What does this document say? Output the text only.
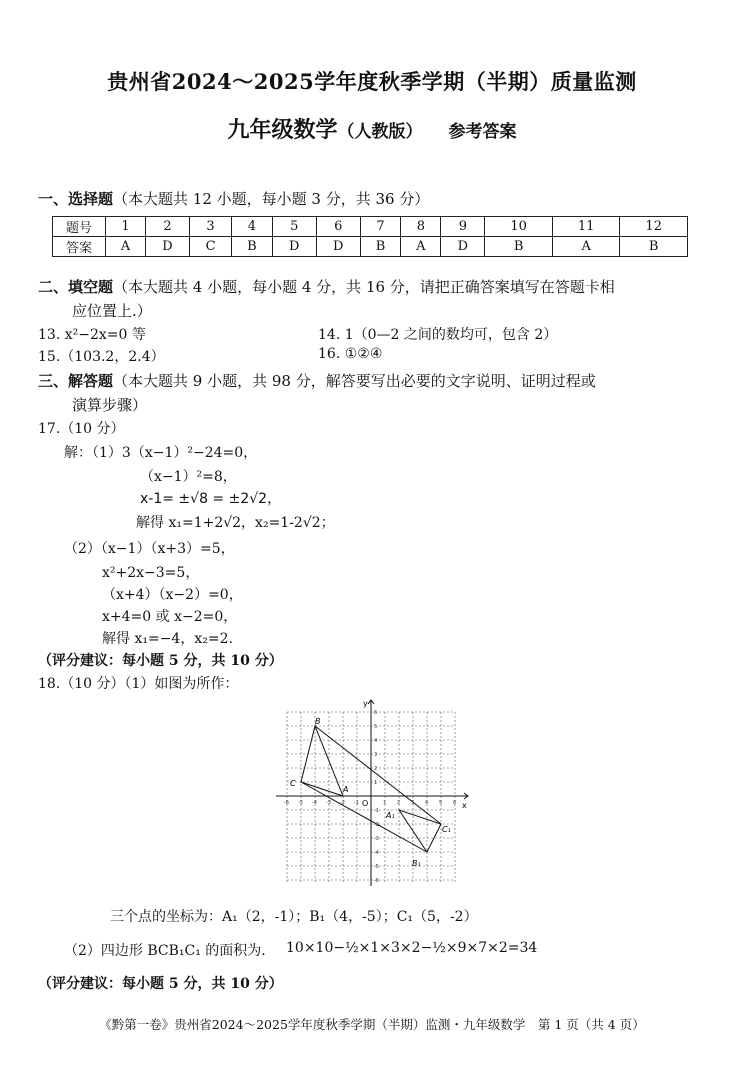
贵州省2024～2025学年度秋季学期（半期）质量监测
九年级数学（人教版） 参考答案
一、选择题（本大题共 12 小题，每小题 3 分，共 36 分）
题号	1	2	3	4	5	6	7	8	9	10	11	12
答案	A	D	C	B	D	D	B	A	D	B	A	B
二、填空题（本大题共 4 小题，每小题 4 分，共 16 分，请把正确答案填写在答题卡相
应位置上.）
13. x²−2x=0 等	14. 1（0—2 之间的数均可，包含 2）
15.（103.2，2.4）	16. ①②④
三、解答题（本大题共 9 小题，共 98 分，解答要写出必要的文字说明、证明过程或
演算步骤）
17.（10 分）
解：（1）3（x−1）²−24=0，
（x−1）²=8，
x-1= ±√8 = ±2√2，
解得 x₁=1+2√2，x₂=1-2√2；
（2）（x−1）（x+3）=5，
x²+2x−3=5，
（x+4）（x−2）=0，
x+4=0 或 x−2=0，
解得 x₁=−4，x₂=2.
（评分建议：每小题 5 分，共 10 分）
18.（10 分）（1）如图为所作：
x
y
O
B
C
A
A₁
C₁
B₁
-6 -5 -4 -3 -2 -1	1 2 3 4 5 6
6
5
4
3
2
1
-1
-2
-3
-4
-5
-6
三个点的坐标为：A₁（2，-1）；B₁（4，-5）；C₁（5，-2）
（2）四边形 BCB₁C₁ 的面积为. 10×10−½×1×3×2−½×9×7×2=34
（评分建议：每小题 5 分，共 10 分）
《黔第一卷》贵州省2024～2025学年度秋季学期（半期）监测・九年级数学　第 1 页（共 4 页）
